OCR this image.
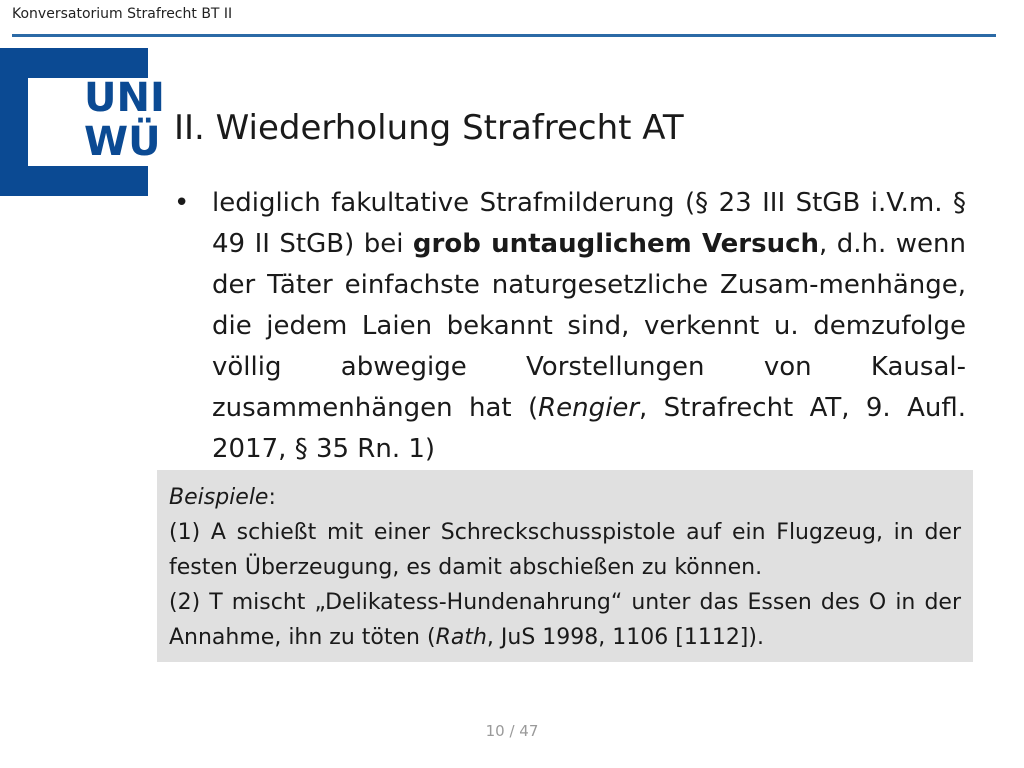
Konversatorium Strafrecht BT II
UNI
WÜ II. Wiederholung Strafrecht AT
• lediglich fakultative Strafmilderung (§ 23 III StGB i.V.m. § 49 II StGB) bei grob untauglichem Versuch, d.h. wenn der Täter einfachste naturgesetzliche Zusam-menhänge, die jedem Laien bekannt sind, verkennt u. demzufolge völlig abwegige Vorstellungen von Kausal-zusammenhängen hat (Rengier, Strafrecht AT, 9. Aufl. 2017, § 35 Rn. 1)
Beispiele:
(1) A schießt mit einer Schreckschusspistole auf ein Flugzeug, in der festen Überzeugung, es damit abschießen zu können.
(2) T mischt „Delikatess-Hundenahrung“ unter das Essen des O in der Annahme, ihn zu töten (Rath, JuS 1998, 1106 [1112]).
10 / 47
